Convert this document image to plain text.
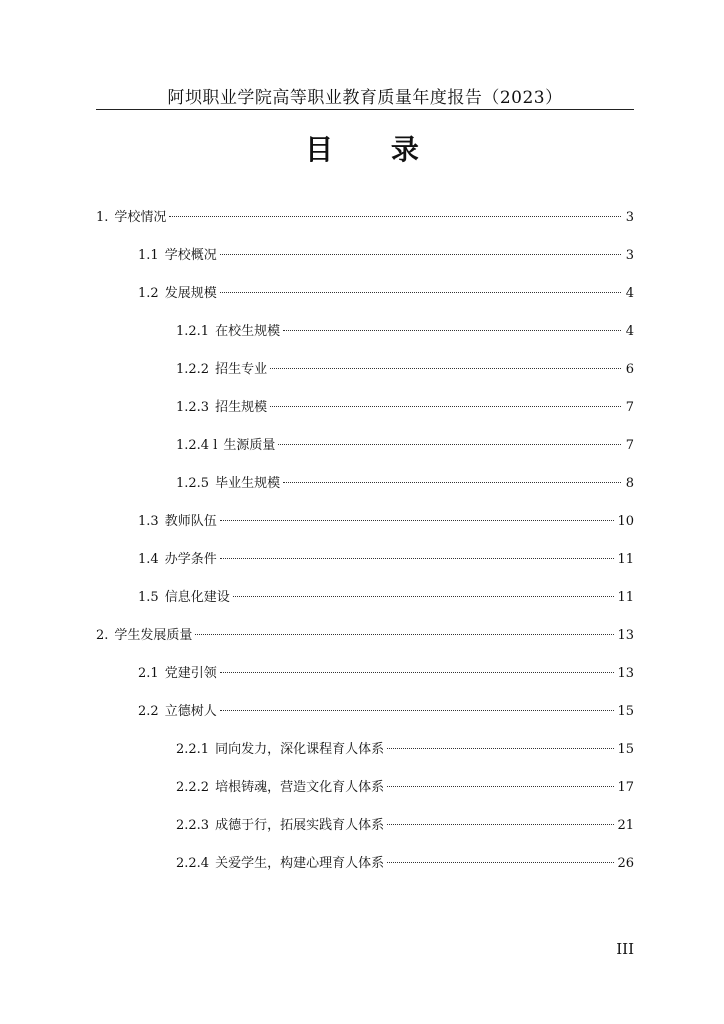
阿坝职业学院高等职业教育质量年度报告（2023）
目 录
1. 学校情况	3
1.1 学校概况	3
1.2 发展规模	4
1.2.1 在校生规模	4
1.2.2 招生专业	6
1.2.3 招生规模	7
1.2.4 l 生源质量	7
1.2.5 毕业生规模	8
1.3 教师队伍	10
1.4 办学条件	11
1.5 信息化建设	11
2. 学生发展质量	13
2.1 党建引领	13
2.2 立德树人	15
2.2.1 同向发力，深化课程育人体系	15
2.2.2 培根铸魂，营造文化育人体系	17
2.2.3 成德于行，拓展实践育人体系	21
2.2.4 关爱学生，构建心理育人体系	26
III
